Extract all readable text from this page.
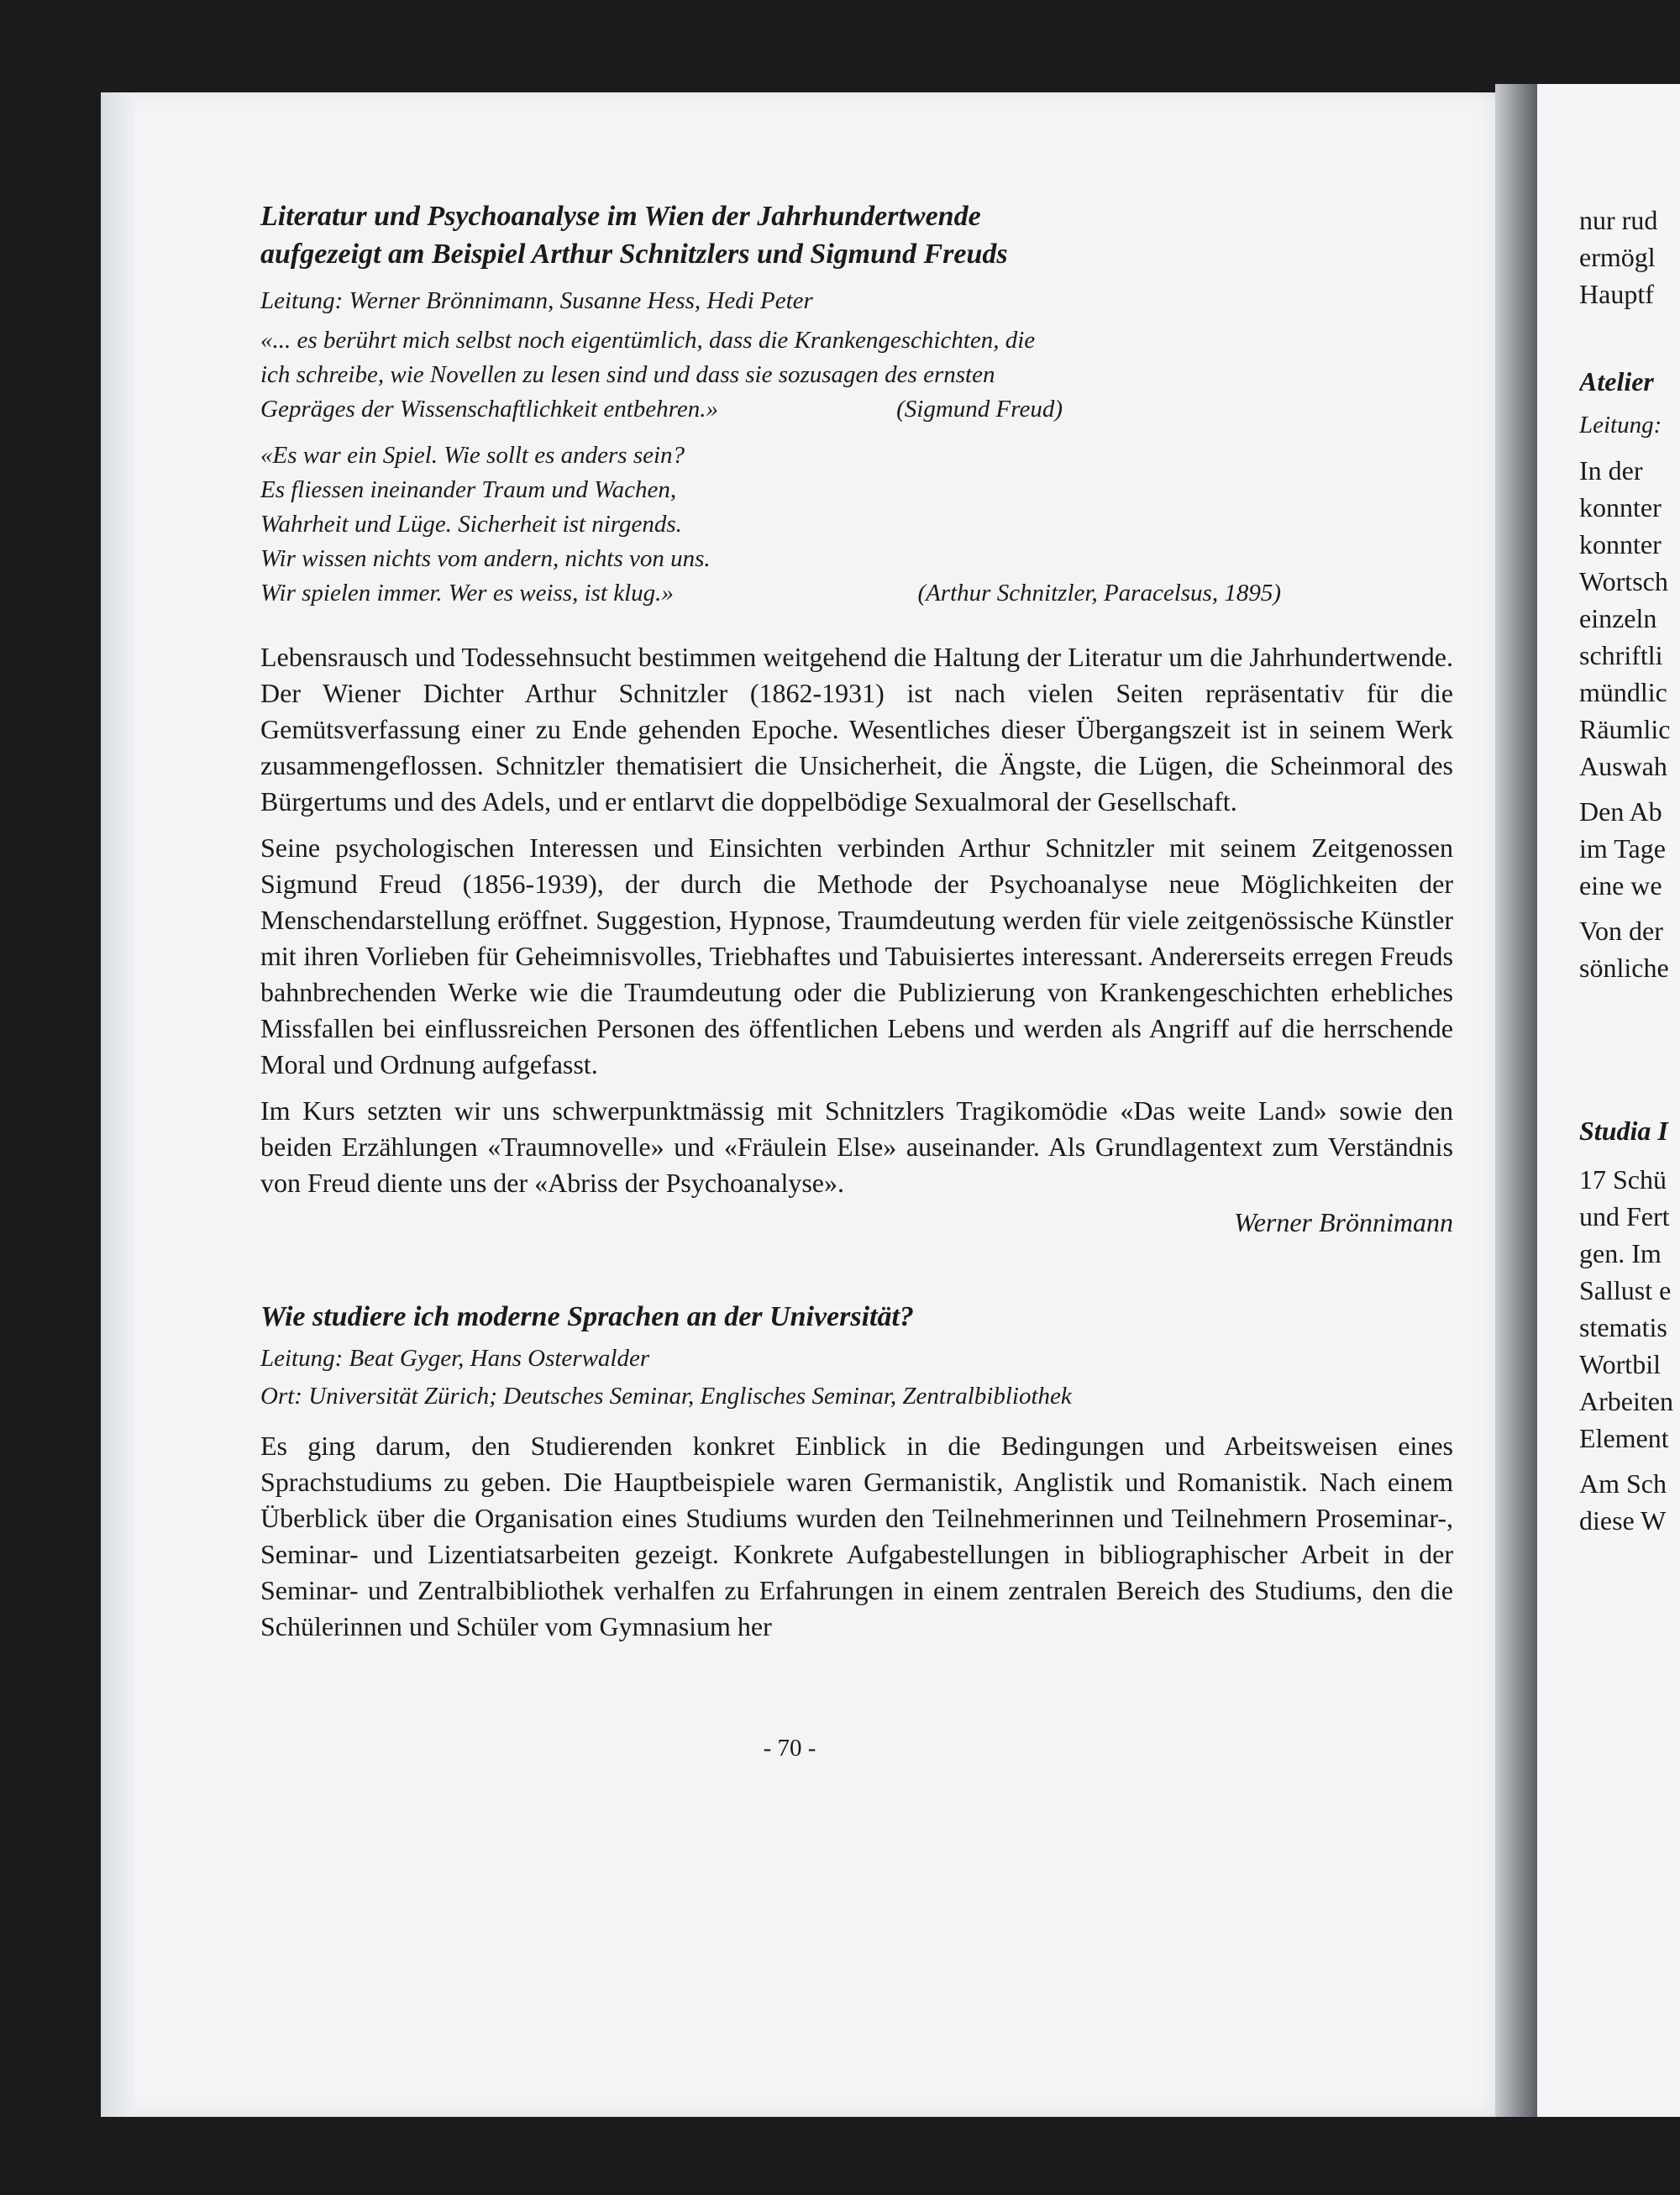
Literatur und Psychoanalyse im Wien der Jahrhundertwende
aufgezeigt am Beispiel Arthur Schnitzlers und Sigmund Freuds
Leitung: Werner Brönnimann, Susanne Hess, Hedi Peter
«... es berührt mich selbst noch eigentümlich, dass die Krankengeschichten, die
ich schreibe, wie Novellen zu lesen sind und dass sie sozusagen des ernsten
Gepräges der Wissenschaftlichkeit entbehren.»	(Sigmund Freud)
«Es war ein Spiel. Wie sollt es anders sein?
Es fliessen ineinander Traum und Wachen,
Wahrheit und Lüge. Sicherheit ist nirgends.
Wir wissen nichts vom andern, nichts von uns.
Wir spielen immer. Wer es weiss, ist klug.»	(Arthur Schnitzler, Paracelsus, 1895)

Lebensrausch und Todessehnsucht bestimmen weitgehend die Haltung der Literatur um die Jahrhundertwende. Der Wiener Dichter Arthur Schnitzler (1862-1931) ist nach vielen Seiten repräsentativ für die Gemütsverfassung einer zu Ende gehenden Epoche. Wesentliches dieser Übergangszeit ist in seinem Werk zusammengeflossen. Schnitzler thematisiert die Unsicherheit, die Ängste, die Lügen, die Scheinmoral des Bürgertums und des Adels, und er entlarvt die doppelbödige Sexualmoral der Gesellschaft.

Seine psychologischen Interessen und Einsichten verbinden Arthur Schnitzler mit seinem Zeitgenossen Sigmund Freud (1856-1939), der durch die Methode der Psychoanalyse neue Möglichkeiten der Menschendarstellung eröffnet. Suggestion, Hypnose, Traumdeutung werden für viele zeitgenössische Künstler mit ihren Vorlieben für Geheimnisvolles, Triebhaftes und Tabuisiertes interessant. Andererseits erregen Freuds bahnbrechenden Werke wie die Traumdeutung oder die Publizierung von Krankengeschichten erhebliches Missfallen bei einflussreichen Personen des öffentlichen Lebens und werden als Angriff auf die herrschende Moral und Ordnung aufgefasst.

Im Kurs setzten wir uns schwerpunktmässig mit Schnitzlers Tragikomödie «Das weite Land» sowie den beiden Erzählungen «Traumnovelle» und «Fräulein Else» auseinander. Als Grundlagentext zum Verständnis von Freud diente uns der «Abriss der Psychoanalyse».

Werner Brönnimann
Wie studiere ich moderne Sprachen an der Universität?
Leitung: Beat Gyger, Hans Osterwalder
Ort: Universität Zürich; Deutsches Seminar, Englisches Seminar, Zentralbibliothek

Es ging darum, den Studierenden konkret Einblick in die Bedingungen und Arbeitsweisen eines Sprachstudiums zu geben. Die Hauptbeispiele waren Germanistik, Anglistik und Romanistik. Nach einem Überblick über die Organisation eines Studiums wurden den Teilnehmerinnen und Teilnehmern Proseminar-, Seminar- und Lizentiatsarbeiten gezeigt. Konkrete Aufgabestellungen in bibliographischer Arbeit in der Seminar- und Zentralbibliothek verhalfen zu Erfahrungen in einem zentralen Bereich des Studiums, den die Schülerinnen und Schüler vom Gymnasium her

- 70 -
nur rud
ermögl
Hauptf
Atelier
Leitung:
In der
konnter
konnter
Wortsch
einzeln
schriftli
mündlic
Räumlic
Auswah
Den Ab
im Tage
eine we
Von der
sönliche
Studia I
17 Schü
und Fert
gen. Im
Sallust e
stematis
Wortbil
Arbeiten
Element
Am Sch
diese W
